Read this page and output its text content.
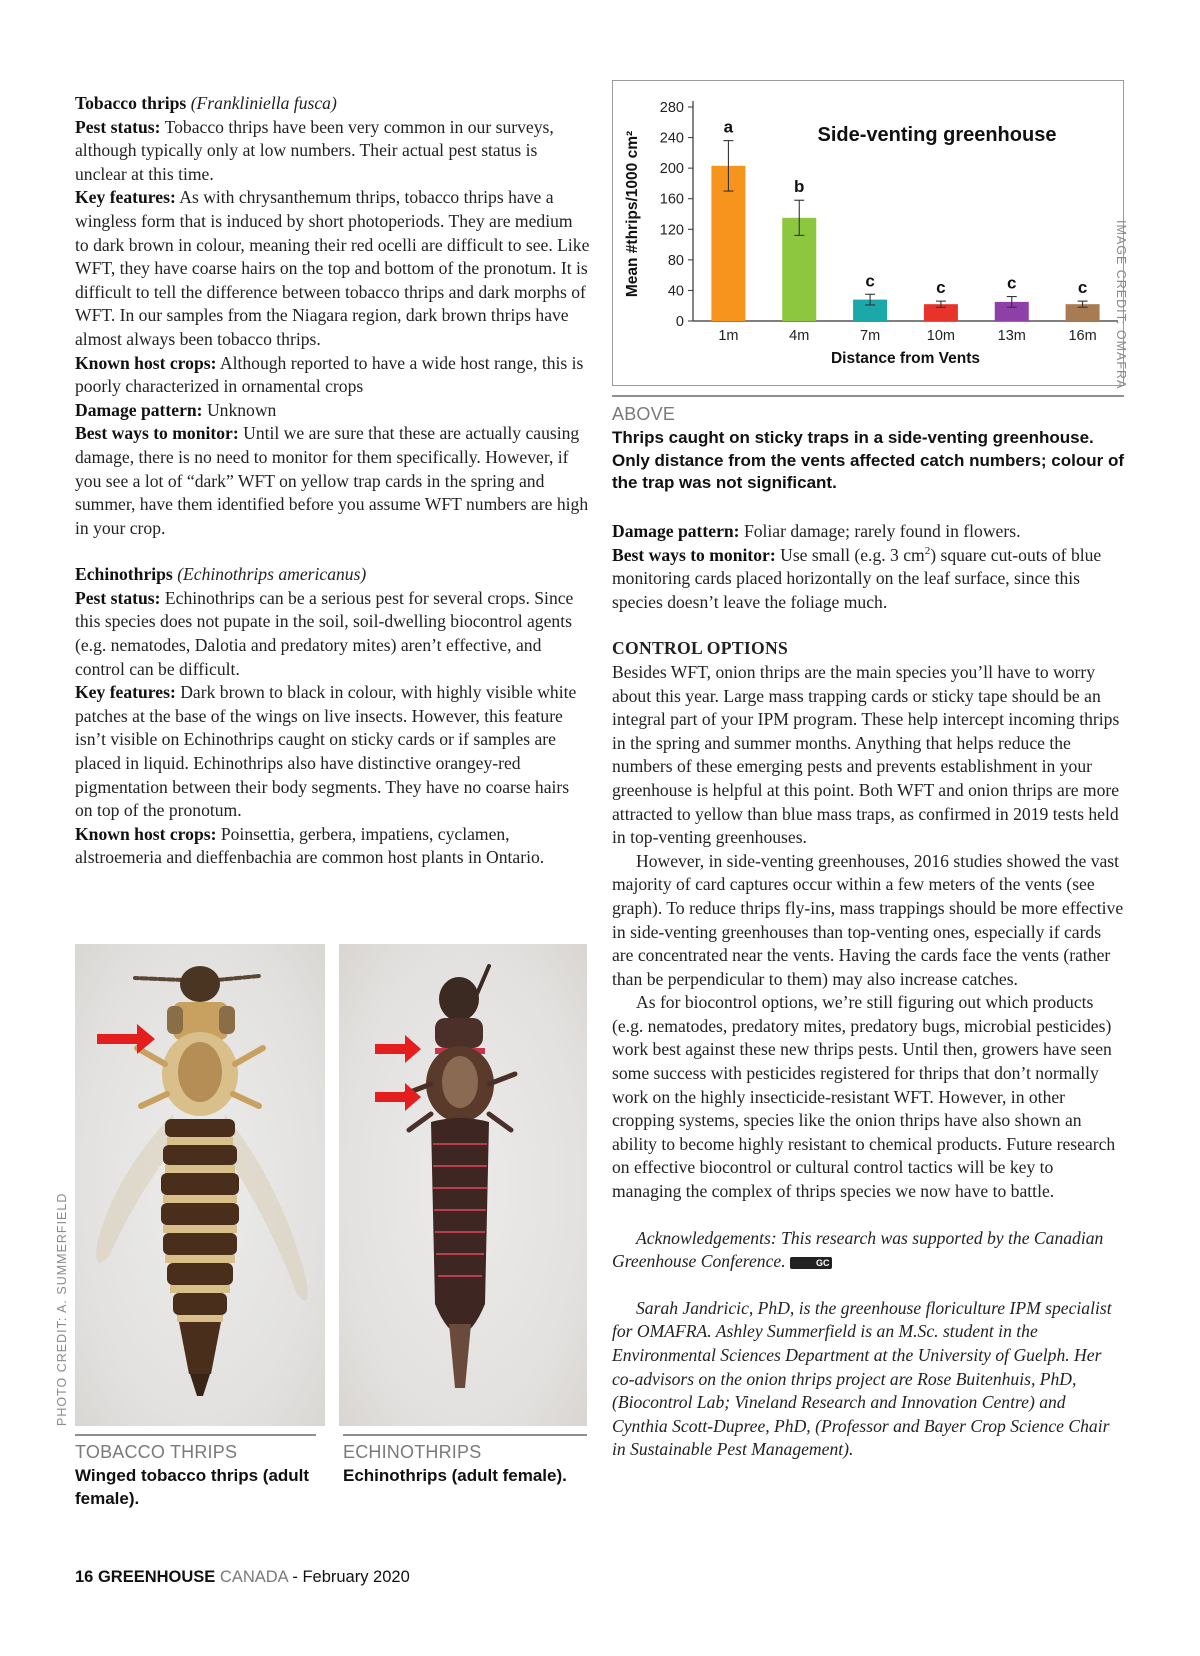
Tobacco thrips (Frankliniella fusca)

Pest status: Tobacco thrips have been very common in our surveys, although typically only at low numbers. Their actual pest status is unclear at this time.

Key features: As with chrysanthemum thrips, tobacco thrips have a wingless form that is induced by short photoperiods. They are medium to dark brown in colour, meaning their red ocelli are difficult to see. Like WFT, they have coarse hairs on the top and bottom of the pronotum. It is difficult to tell the difference between tobacco thrips and dark morphs of WFT. In our samples from the Niagara region, dark brown thrips have almost always been tobacco thrips.

Known host crops: Although reported to have a wide host range, this is poorly characterized in ornamental crops

Damage pattern: Unknown

Best ways to monitor: Until we are sure that these are actually causing damage, there is no need to monitor for them specifically. However, if you see a lot of “dark” WFT on yellow trap cards in the spring and summer, have them identified before you assume WFT numbers are high in your crop.

Echinothrips (Echinothrips americanus)

Pest status: Echinothrips can be a serious pest for several crops. Since this species does not pupate in the soil, soil-dwelling biocontrol agents (e.g. nematodes, Dalotia and predatory mites) aren’t effective, and control can be difficult.

Key features: Dark brown to black in colour, with highly visible white patches at the base of the wings on live insects. However, this feature isn’t visible on Echinothrips caught on sticky cards or if samples are placed in liquid. Echinothrips also have distinctive orangey-red pigmentation between their body segments. They have no coarse hairs on top of the pronotum.

Known host crops: Poinsettia, gerbera, impatiens, cyclamen, alstroemeria and dieffenbachia are common host plants in Ontario.

0
40
80
120
160
200
240
280
Mean #thrips/1000 cm²
a
1m
b
4m
c
7m
c
10m
c
13m
c
16m
Distance from Vents
Side-venting greenhouse
IMAGE CREDIT: OMAFRA
ABOVE
Thrips caught on sticky traps in a side-venting greenhouse. Only distance from the vents affected catch numbers; colour of the trap was not significant.

Damage pattern: Foliar damage; rarely found in flowers.

Best ways to monitor: Use small (e.g. 3 $cm^2$) square cut-outs of blue monitoring cards placed horizontally on the leaf surface, since this species doesn’t leave the foliage much.

CONTROL OPTIONS

Besides WFT, onion thrips are the main species you’ll have to worry about this year. Large mass trapping cards or sticky tape should be an integral part of your IPM program. These help intercept incoming thrips in the spring and summer months. Anything that helps reduce the numbers of these emerging pests and prevents establishment in your greenhouse is helpful at this point. Both WFT and onion thrips are more attracted to yellow than blue mass traps, as confirmed in 2019 tests held in top-venting greenhouses.

However, in side-venting greenhouses, 2016 studies showed the vast majority of card captures occur within a few meters of the vents (see graph). To reduce thrips fly-ins, mass trappings should be more effective in side-venting greenhouses than top-venting ones, especially if cards are concentrated near the vents. Having the cards face the vents (rather than be perpendicular to them) may also increase catches.

As for biocontrol options, we’re still figuring out which products (e.g. nematodes, predatory mites, predatory bugs, microbial pesticides) work best against these new thrips pests. Until then, growers have seen some success with pesticides registered for thrips that don’t normally work on the highly insecticide-resistant WFT. However, in other cropping systems, species like the onion thrips have also shown an ability to become highly resistant to chemical products. Future research on effective biocontrol or cultural control tactics will be key to managing the complex of thrips species we now have to battle.

Acknowledgements: This research was supported by the Canadian Greenhouse Conference.	GC

Sarah Jandricic, PhD, is the greenhouse floriculture IPM specialist for OMAFRA. Ashley Summerfield is an M.Sc. student in the Environmental Sciences Department at the University of Guelph. Her co-advisors on the onion thrips project are Rose Buitenhuis, PhD, (Biocontrol Lab; Vineland Research and Innovation Centre) and Cynthia Scott-Dupree, PhD, (Professor and Bayer Crop Science Chair in Sustainable Pest Management).

PHOTO CREDIT: A. SUMMERFIELD
TOBACCO THRIPS
Winged tobacco thrips (adult female).
ECHINOTHRIPS
Echinothrips (adult female).
16 GREENHOUSE CANADA - February 2020
